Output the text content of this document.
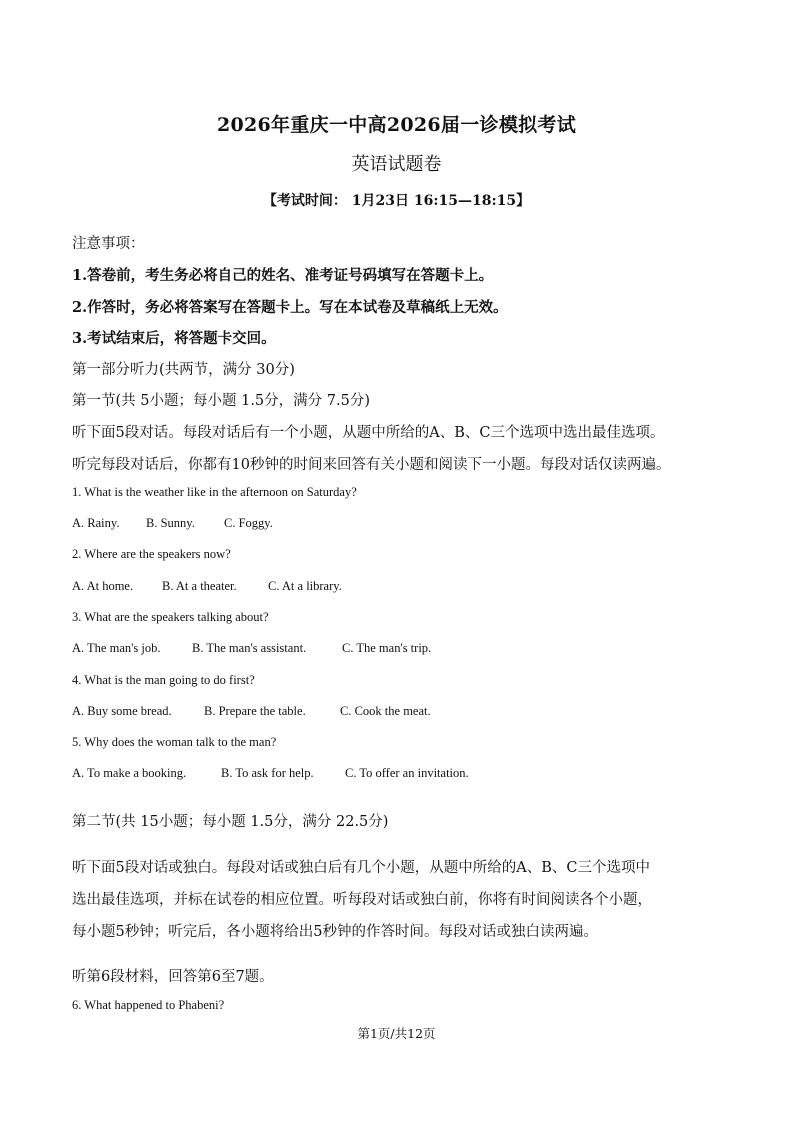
2026年重庆一中高2026届一诊模拟考试
英语试题卷
【考试时间： 1月23日 16:15—18:15】
注意事项：
1.答卷前，考生务必将自己的姓名、准考证号码填写在答题卡上。
2.作答时，务必将答案写在答题卡上。写在本试卷及草稿纸上无效。
3.考试结束后，将答题卡交回。
第一部分听力(共两节，满分 30分)
第一节(共 5小题；每小题 1.5分，满分 7.5分)
听下面5段对话。每段对话后有一个小题，从题中所给的A、B、C三个选项中选出最佳选项。
听完每段对话后，你都有10秒钟的时间来回答有关小题和阅读下一小题。每段对话仅读两遍。
1. What is the weather like in the afternoon on Saturday?
A. Rainy. B. Sunny. C. Foggy.
2. Where are the speakers now?
A. At home. B. At a theater.	C. At a library.
3. What are the speakers talking about?
A. The man's job.	B. The man's assistant.	C. The man's trip.
4. What is the man going to do first?
A. Buy some bread.	B. Prepare the table.	C. Cook the meat.
5. Why does the woman talk to the man?
A. To make a booking.	B. To ask for help.	C. To offer an invitation.
第二节(共 15小题；每小题 1.5分，满分 22.5分)
听下面5段对话或独白。每段对话或独白后有几个小题，从题中所给的A、B、C三个选项中
选出最佳选项，并标在试卷的相应位置。听每段对话或独白前，你将有时间阅读各个小题，
每小题5秒钟；听完后，各小题将给出5秒钟的作答时间。每段对话或独白读两遍。
听第6段材料，回答第6至7题。
6. What happened to Phabeni?
第1页/共12页
